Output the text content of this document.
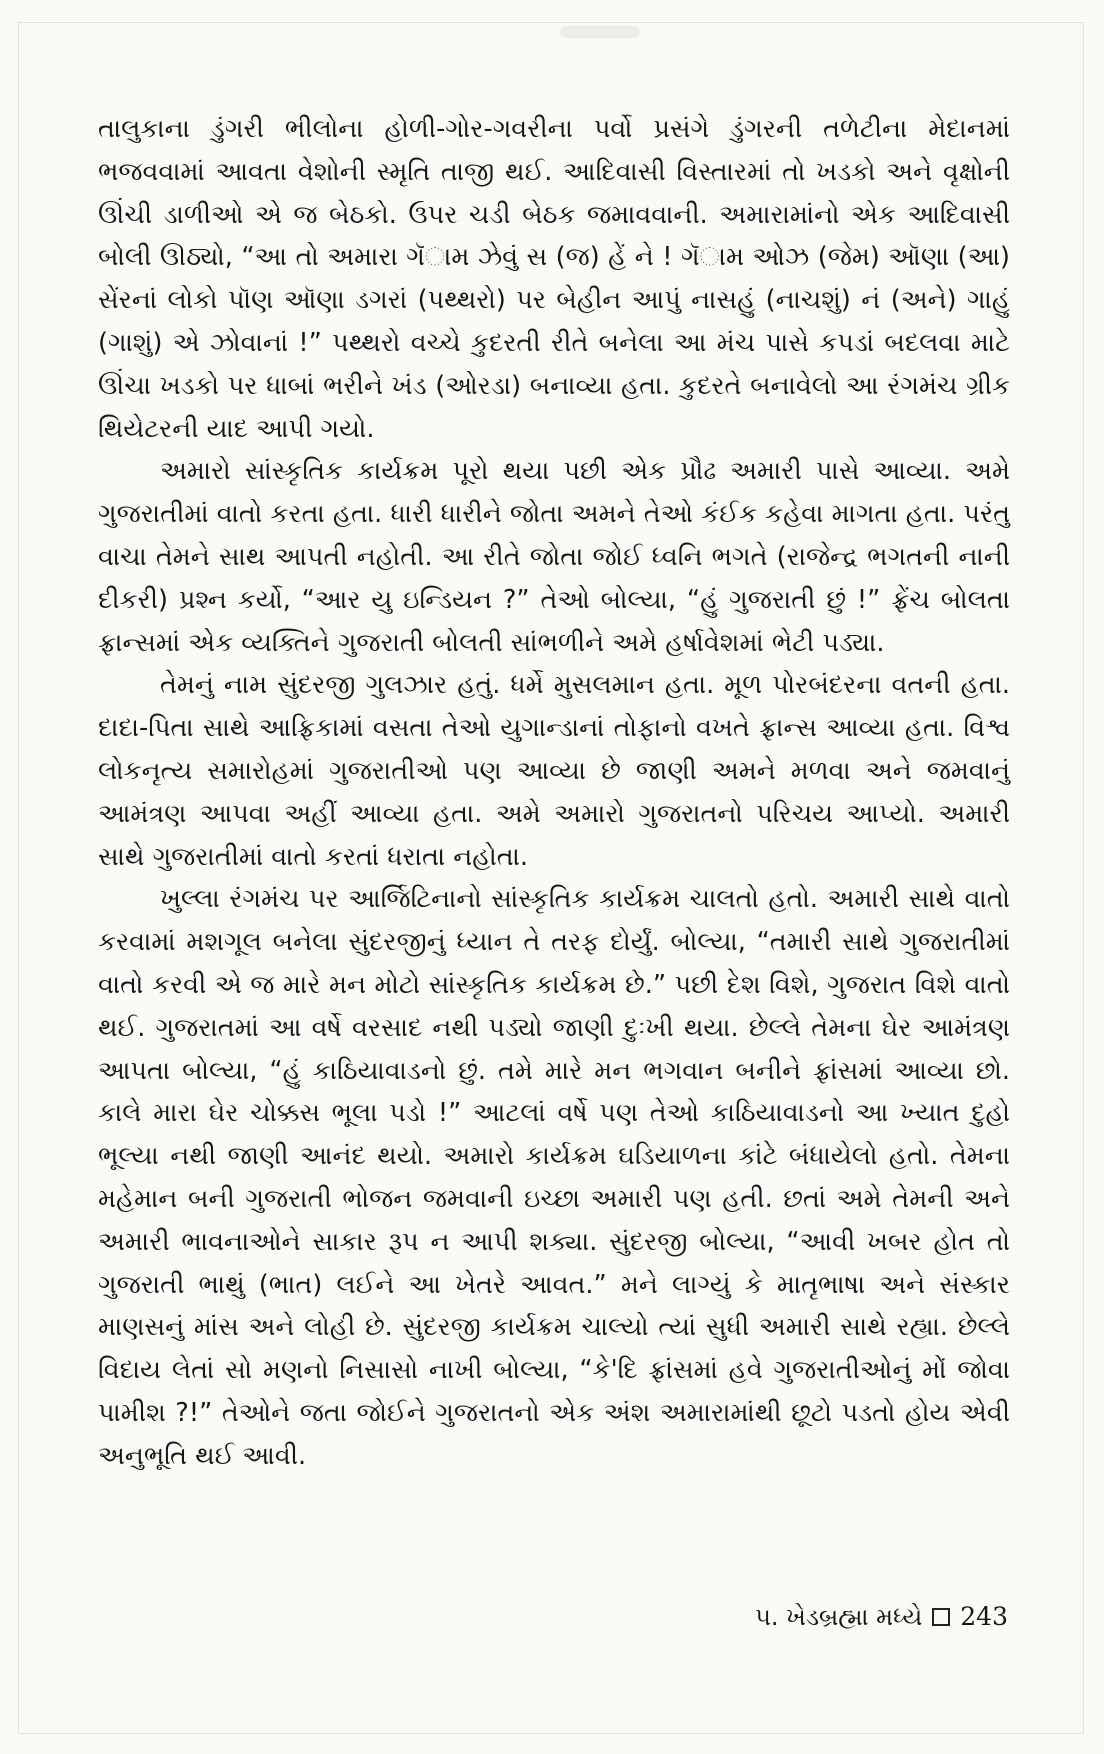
તાલુકાના ડુંગરી ભીલોના હોળી-ગોર-ગવરીના પર્વો પ્રસંગે ડુંગરની તળેટીના મેદાનમાં ભજવવામાં આવતા વેશોની સ્મૃતિ તાજી થઈ. આદિવાસી વિસ્તારમાં તો ખડકો અને વૃક્ષોની ઊંચી ડાળીઓ એ જ બેઠકો. ઉપર ચડી બેઠક જમાવવાની. અમારામાંનો એક આદિવાસી બોલી ઊઠ્યો, “આ તો અમારા ગૅામ ઝેવું સ (જ) હેં ને ! ગૅામ ઓઝ (જેમ) ઑણા (આ) સેંરનાં લોકો પૉણ ઑણા ડગરાં (પથ્થરો) પર બેહીન આપું નાસહું (નાચશું) નં (અને) ગાહું (ગાશું) એ ઝોવાનાં !” પથ્થરો વચ્ચે કુદરતી રીતે બનેલા આ મંચ પાસે કપડાં બદલવા માટે ઊંચા ખડકો પર ધાબાં ભરીને ખંડ (ઓરડા) બનાવ્યા હતા. કુદરતે બનાવેલો આ રંગમંચ ગ્રીક થિયેટરની યાદ આપી ગયો.

અમારો સાંસ્કૃતિક કાર્યક્રમ પૂરો થયા પછી એક પ્રૌઢ અમારી પાસે આવ્યા. અમે ગુજરાતીમાં વાતો કરતા હતા. ધારી ધારીને જોતા અમને તેઓ કંઈક કહેવા માગતા હતા. પરંતુ વાચા તેમને સાથ આપતી નહોતી. આ રીતે જોતા જોઈ ધ્વનિ ભગતે (રાજેન્દ્ર ભગતની નાની દીકરી) પ્રશ્ન કર્યો, “આર યુ ઇન્ડિયન ?” તેઓ બોલ્યા, “હું ગુજરાતી છું !” ફ્રેંચ બોલતા ફ્રાન્સમાં એક વ્યક્તિને ગુજરાતી બોલતી સાંભળીને અમે હર્ષાવેશમાં ભેટી પડ્યા.

તેમનું નામ સુંદરજી ગુલઝાર હતું. ધર્મે મુસલમાન હતા. મૂળ પોરબંદરના વતની હતા. દાદા-પિતા સાથે આફ્રિકામાં વસતા તેઓ યુગાન્ડાનાં તોફાનો વખતે ફ્રાન્સ આવ્યા હતા. વિશ્વ લોકનૃત્ય સમારોહમાં ગુજરાતીઓ પણ આવ્યા છે જાણી અમને મળવા અને જમવાનું આમંત્રણ આપવા અહીં આવ્યા હતા. અમે અમારો ગુજરાતનો પરિચય આપ્યો. અમારી સાથે ગુજરાતીમાં વાતો કરતાં ધરાતા નહોતા.

ખુલ્લા રંગમંચ પર આર્જિટિનાનો સાંસ્કૃતિક કાર્યક્રમ ચાલતો હતો. અમારી સાથે વાતો કરવામાં મશગૂલ બનેલા સુંદરજીનું ધ્યાન તે તરફ દોર્યું. બોલ્યા, “તમારી સાથે ગુજરાતીમાં વાતો કરવી એ જ મારે મન મોટો સાંસ્કૃતિક કાર્યક્રમ છે.” પછી દેશ વિશે, ગુજરાત વિશે વાતો થઈ. ગુજરાતમાં આ વર્ષે વરસાદ નથી પડ્યો જાણી દુઃખી થયા. છેલ્લે તેમના ઘેર આમંત્રણ આપતા બોલ્યા, “હું કાઠિયાવાડનો છું. તમે મારે મન ભગવાન બનીને ફ્રાંસમાં આવ્યા છો. કાલે મારા ઘેર ચોક્કસ ભૂલા પડો !” આટલાં વર્ષે પણ તેઓ કાઠિયાવાડનો આ ખ્યાત દુહો ભૂલ્યા નથી જાણી આનંદ થયો. અમારો કાર્યક્રમ ઘડિયાળના કાંટે બંધાયેલો હતો. તેમના મહેમાન બની ગુજરાતી ભોજન જમવાની ઇચ્છા અમારી પણ હતી. છતાં અમે તેમની અને અમારી ભાવનાઓને સાકાર રૂપ ન આપી શક્યા. સુંદરજી બોલ્યા, “આવી ખબર હોત તો ગુજરાતી ભાથું (ભાત) લઈને આ ખેતરે આવત.” મને લાગ્યું કે માતૃભાષા અને સંસ્કાર માણસનું માંસ અને લોહી છે. સુંદરજી કાર્યક્રમ ચાલ્યો ત્યાં સુધી અમારી સાથે રહ્યા. છેલ્લે વિદાય લેતાં સો મણનો નિસાસો નાખી બોલ્યા, “કે'દિ ફ્રાંસમાં હવે ગુજરાતીઓનું મોં જોવા પામીશ ?!” તેઓને જતા જોઈને ગુજરાતનો એક અંશ અમારામાંથી છૂટો પડતો હોય એવી અનુભૂતિ થઈ આવી.

૫. ખેડબ્રહ્મા મધ્યે 243
